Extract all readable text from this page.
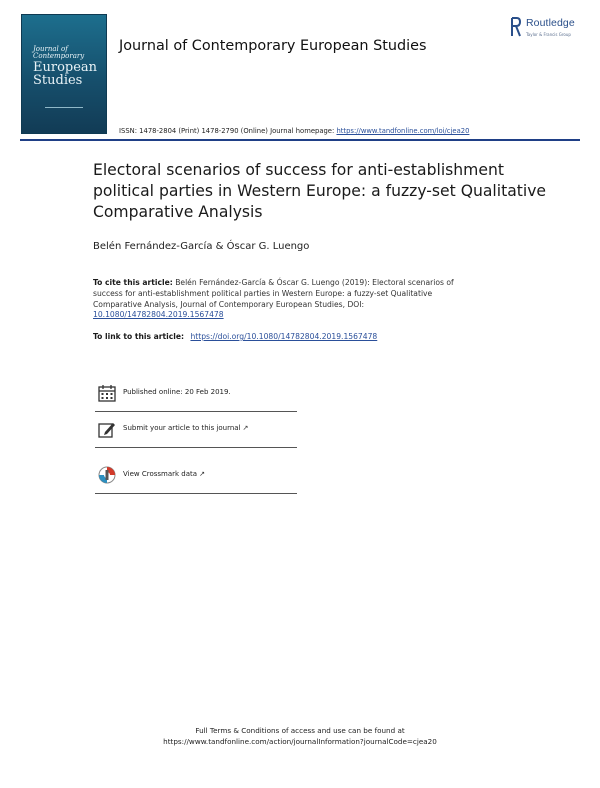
Journal of
Contemporary
European
Studies
Journal of Contemporary European Studies
Routledge
Taylor & Francis Group
ISSN: 1478-2804 (Print) 1478-2790 (Online) Journal homepage: https://www.tandfonline.com/loi/cjea20
Electoral scenarios of success for anti-establishment political parties in Western Europe: a fuzzy-set Qualitative Comparative Analysis
Belén Fernández-García & Óscar G. Luengo
To cite this article: Belén Fernández-García & Óscar G. Luengo (2019): Electoral scenarios of success for anti-establishment political parties in Western Europe: a fuzzy-set Qualitative Comparative Analysis, Journal of Contemporary European Studies, DOI: 10.1080/14782804.2019.1567478
To link to this article: https://doi.org/10.1080/14782804.2019.1567478
Published online: 20 Feb 2019.
Submit your article to this journal ↗
View Crossmark data ↗
Full Terms & Conditions of access and use can be found at
https://www.tandfonline.com/action/journalInformation?journalCode=cjea20
